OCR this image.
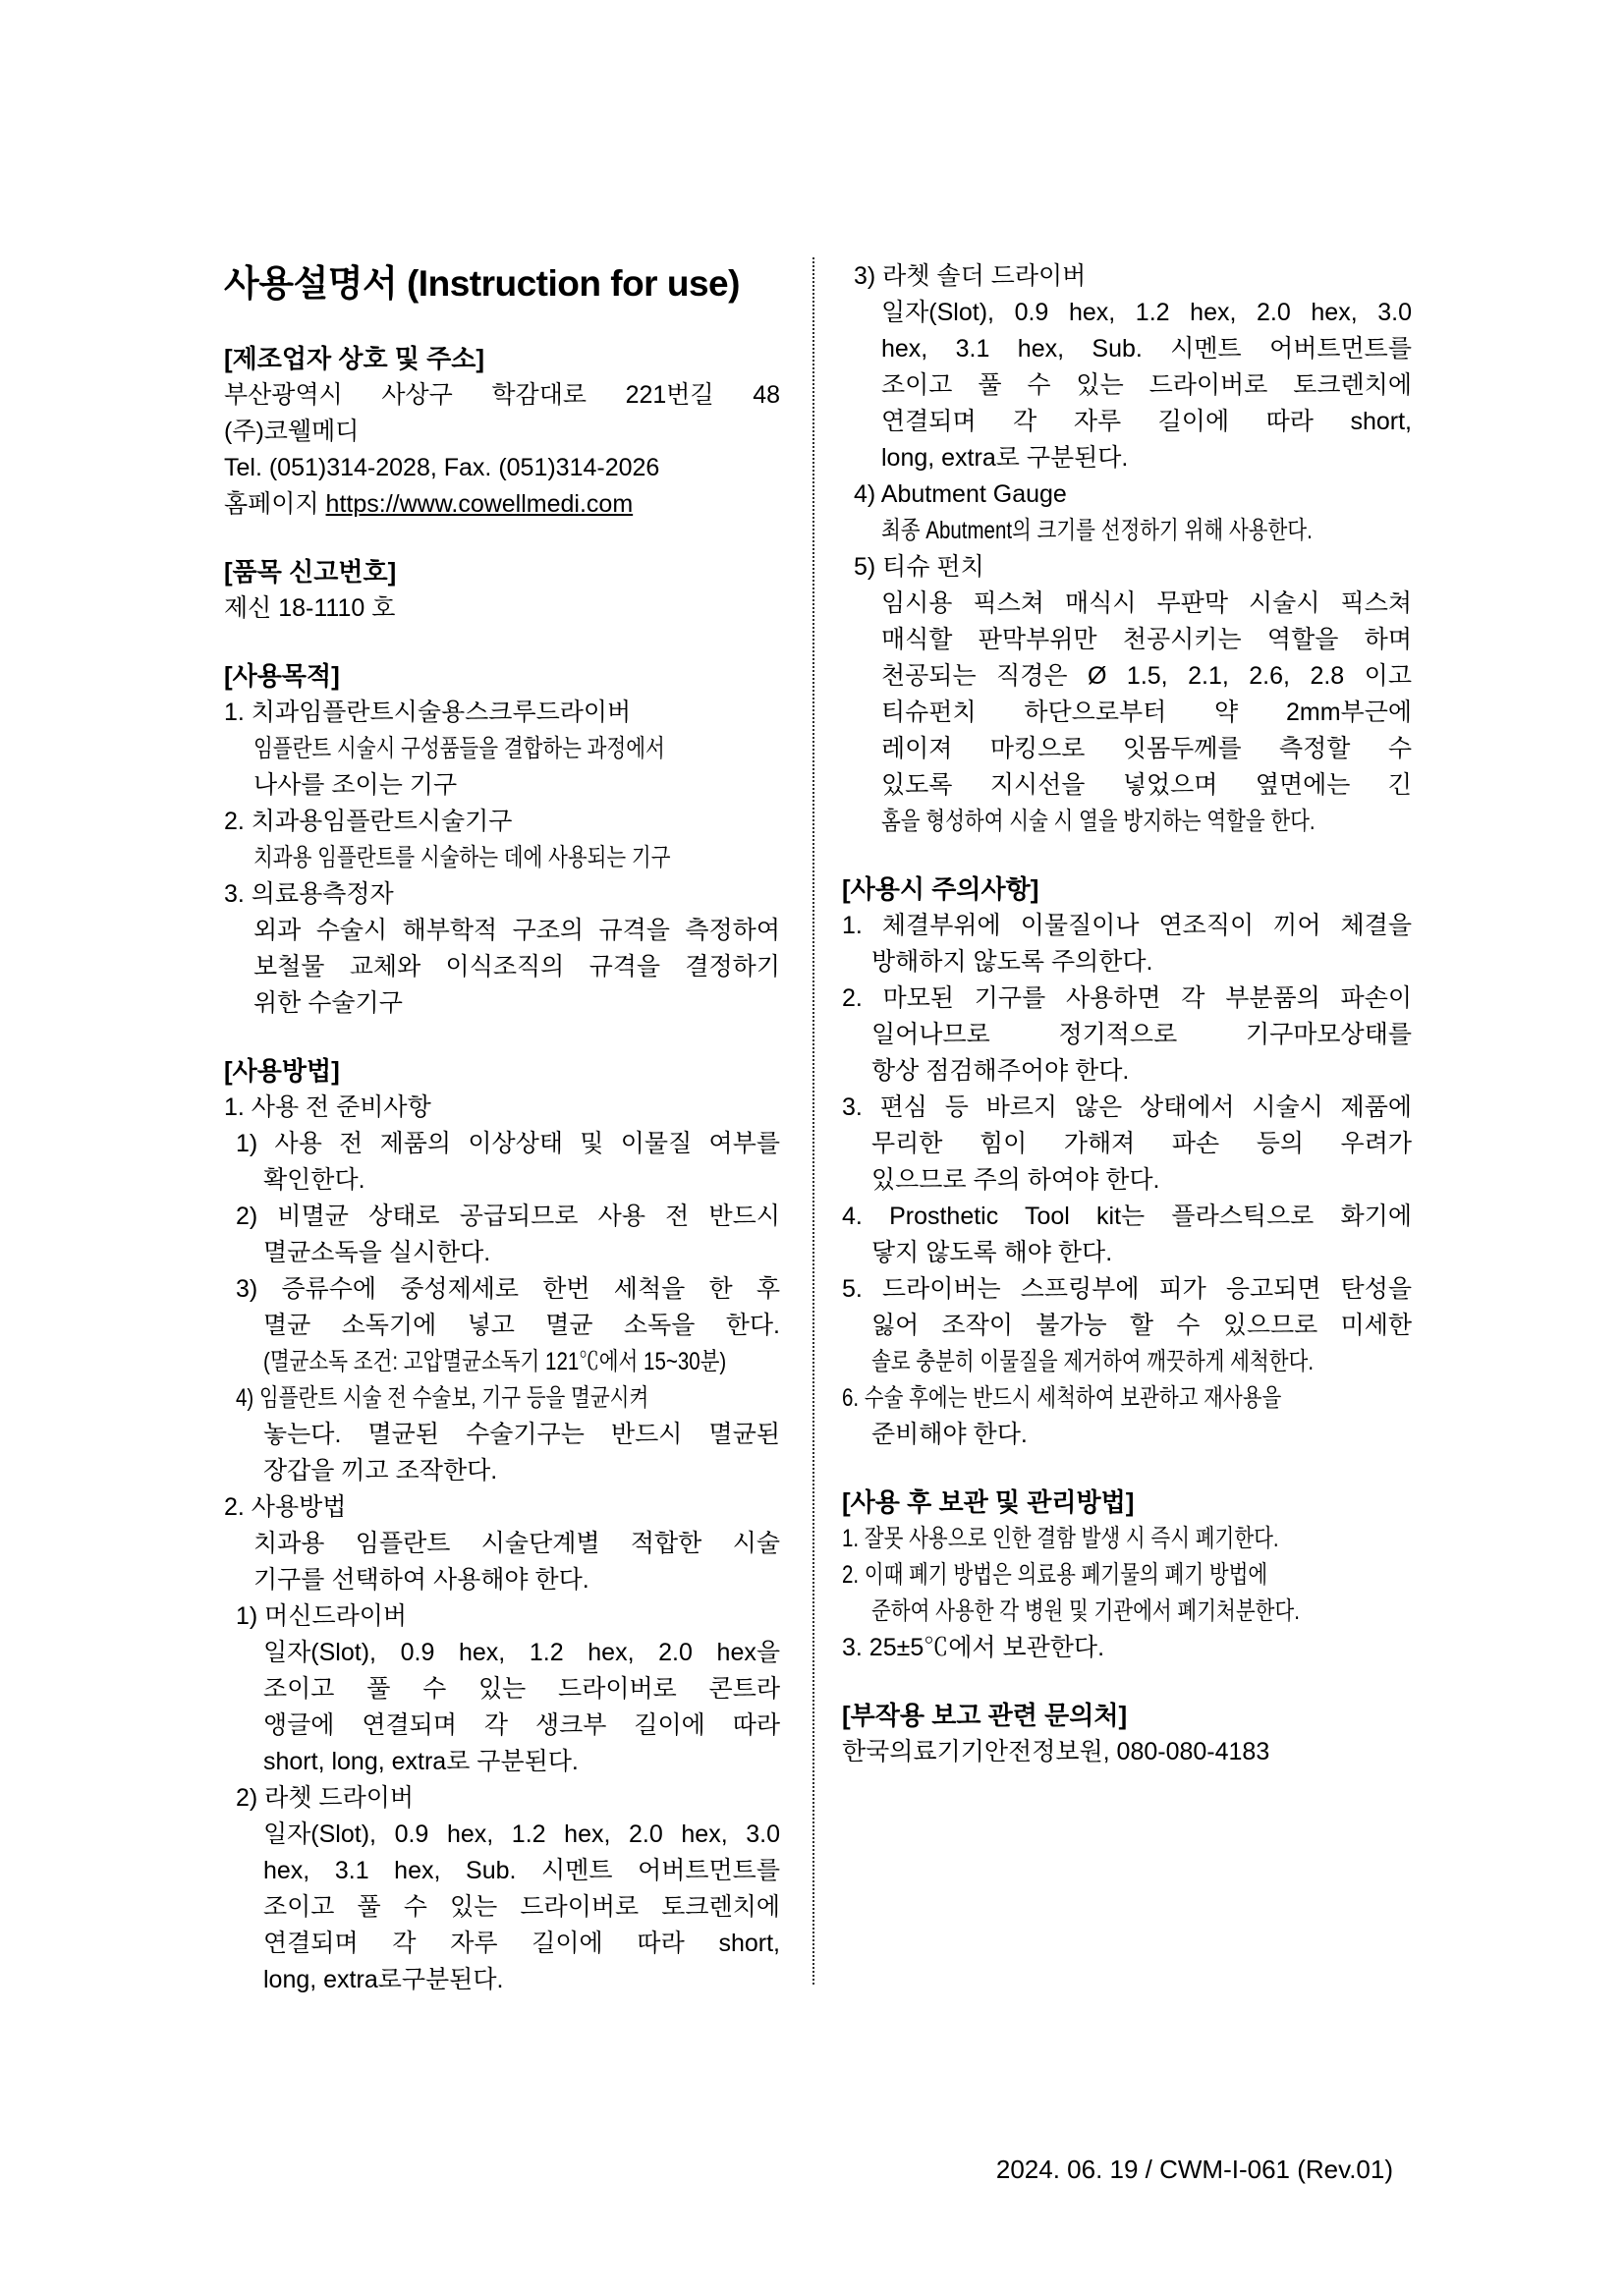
사용설명서 (Instruction for use)
[제조업자 상호 및 주소]
부산광역시 사상구 학감대로 221번길 48
(주)코웰메디
Tel. (051)314-2028, Fax. (051)314-2026
홈페이지 https://www.cowellmedi.com
[품목 신고번호]
제신 18-1110 호
[사용목적]
1. 치과임플란트시술용스크루드라이버
임플란트 시술시 구성품들을 결합하는 과정에서
나사를 조이는 기구
2. 치과용임플란트시술기구
치과용 임플란트를 시술하는 데에 사용되는 기구
3. 의료용측정자
외과 수술시 해부학적 구조의 규격을 측정하여
보철물 교체와 이식조직의 규격을 결정하기
위한 수술기구
[사용방법]
1. 사용 전 준비사항
1) 사용 전 제품의 이상상태 및 이물질 여부를
확인한다.
2) 비멸균 상태로 공급되므로 사용 전 반드시
멸균소독을 실시한다.
3) 증류수에 중성제세로 한번 세척을 한 후
멸균 소독기에 넣고 멸균 소독을 한다.
(멸균소독 조건: 고압멸균소독기 121℃에서 15~30분)
4) 임플란트 시술 전 수술보, 기구 등을 멸균시켜
놓는다. 멸균된 수술기구는 반드시 멸균된
장갑을 끼고 조작한다.
2. 사용방법
치과용 임플란트 시술단계별 적합한 시술
기구를 선택하여 사용해야 한다.
1) 머신드라이버
일자(Slot), 0.9 hex, 1.2 hex, 2.0 hex을
조이고 풀 수 있는 드라이버로 콘트라
앵글에 연결되며 각 생크부 길이에 따라
short, long, extra로 구분된다.
2) 라쳇 드라이버
일자(Slot), 0.9 hex, 1.2 hex, 2.0 hex, 3.0
hex, 3.1 hex, Sub. 시멘트 어버트먼트를
조이고 풀 수 있는 드라이버로 토크렌치에
연결되며 각 자루 길이에 따라 short,
long, extra로구분된다.
3) 라쳇 솔더 드라이버
일자(Slot), 0.9 hex, 1.2 hex, 2.0 hex, 3.0
hex, 3.1 hex, Sub. 시멘트 어버트먼트를
조이고 풀 수 있는 드라이버로 토크렌치에
연결되며 각 자루 길이에 따라 short,
long, extra로 구분된다.
4) Abutment Gauge
최종 Abutment의 크기를 선정하기 위해 사용한다.
5) 티슈 펀치
임시용 픽스쳐 매식시 무판막 시술시 픽스쳐
매식할 판막부위만 천공시키는 역할을 하며
천공되는 직경은 Ø 1.5, 2.1, 2.6, 2.8 이고
티슈펀치 하단으로부터 약 2mm부근에
레이져 마킹으로 잇몸두께를 측정할 수
있도록 지시선을 넣었으며 옆면에는 긴
홈을 형성하여 시술 시 열을 방지하는 역할을 한다.
[사용시 주의사항]
1. 체결부위에 이물질이나 연조직이 끼어 체결을
방해하지 않도록 주의한다.
2. 마모된 기구를 사용하면 각 부분품의 파손이
일어나므로 정기적으로 기구마모상태를
항상 점검해주어야 한다.
3. 편심 등 바르지 않은 상태에서 시술시 제품에
무리한 힘이 가해져 파손 등의 우려가
있으므로 주의 하여야 한다.
4. Prosthetic Tool kit는 플라스틱으로 화기에
닿지 않도록 해야 한다.
5. 드라이버는 스프링부에 피가 응고되면 탄성을
잃어 조작이 불가능 할 수 있으므로 미세한
솔로 충분히 이물질을 제거하여 깨끗하게 세척한다.
6. 수술 후에는 반드시 세척하여 보관하고 재사용을
준비해야 한다.
[사용 후 보관 및 관리방법]
1. 잘못 사용으로 인한 결함 발생 시 즉시 폐기한다.
2. 이때 폐기 방법은 의료용 폐기물의 폐기 방법에
준하여 사용한 각 병원 및 기관에서 폐기처분한다.
3. 25±5℃에서 보관한다.
[부작용 보고 관련 문의처]
한국의료기기안전정보원, 080-080-4183
2024. 06. 19 / CWM-I-061 (Rev.01)
